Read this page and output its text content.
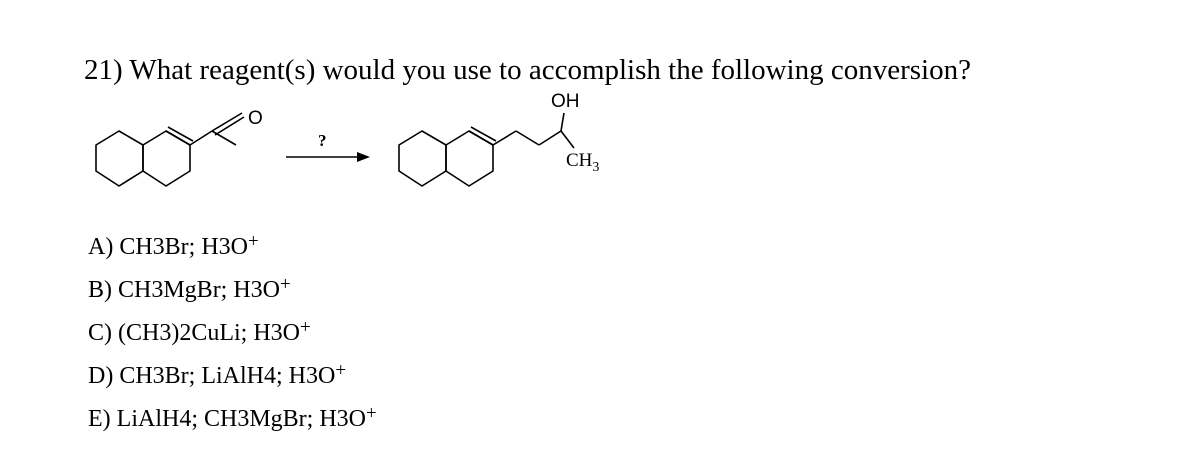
21) What reagent(s) would you use to accomplish the following conversion?
O
?
OH
$CH_3$
A) CH3Br; H3O+
B) CH3MgBr; H3O+
C) (CH3)2CuLi; H3O+
D) CH3Br; LiAlH4; H3O+
E) LiAlH4; CH3MgBr; H3O+
